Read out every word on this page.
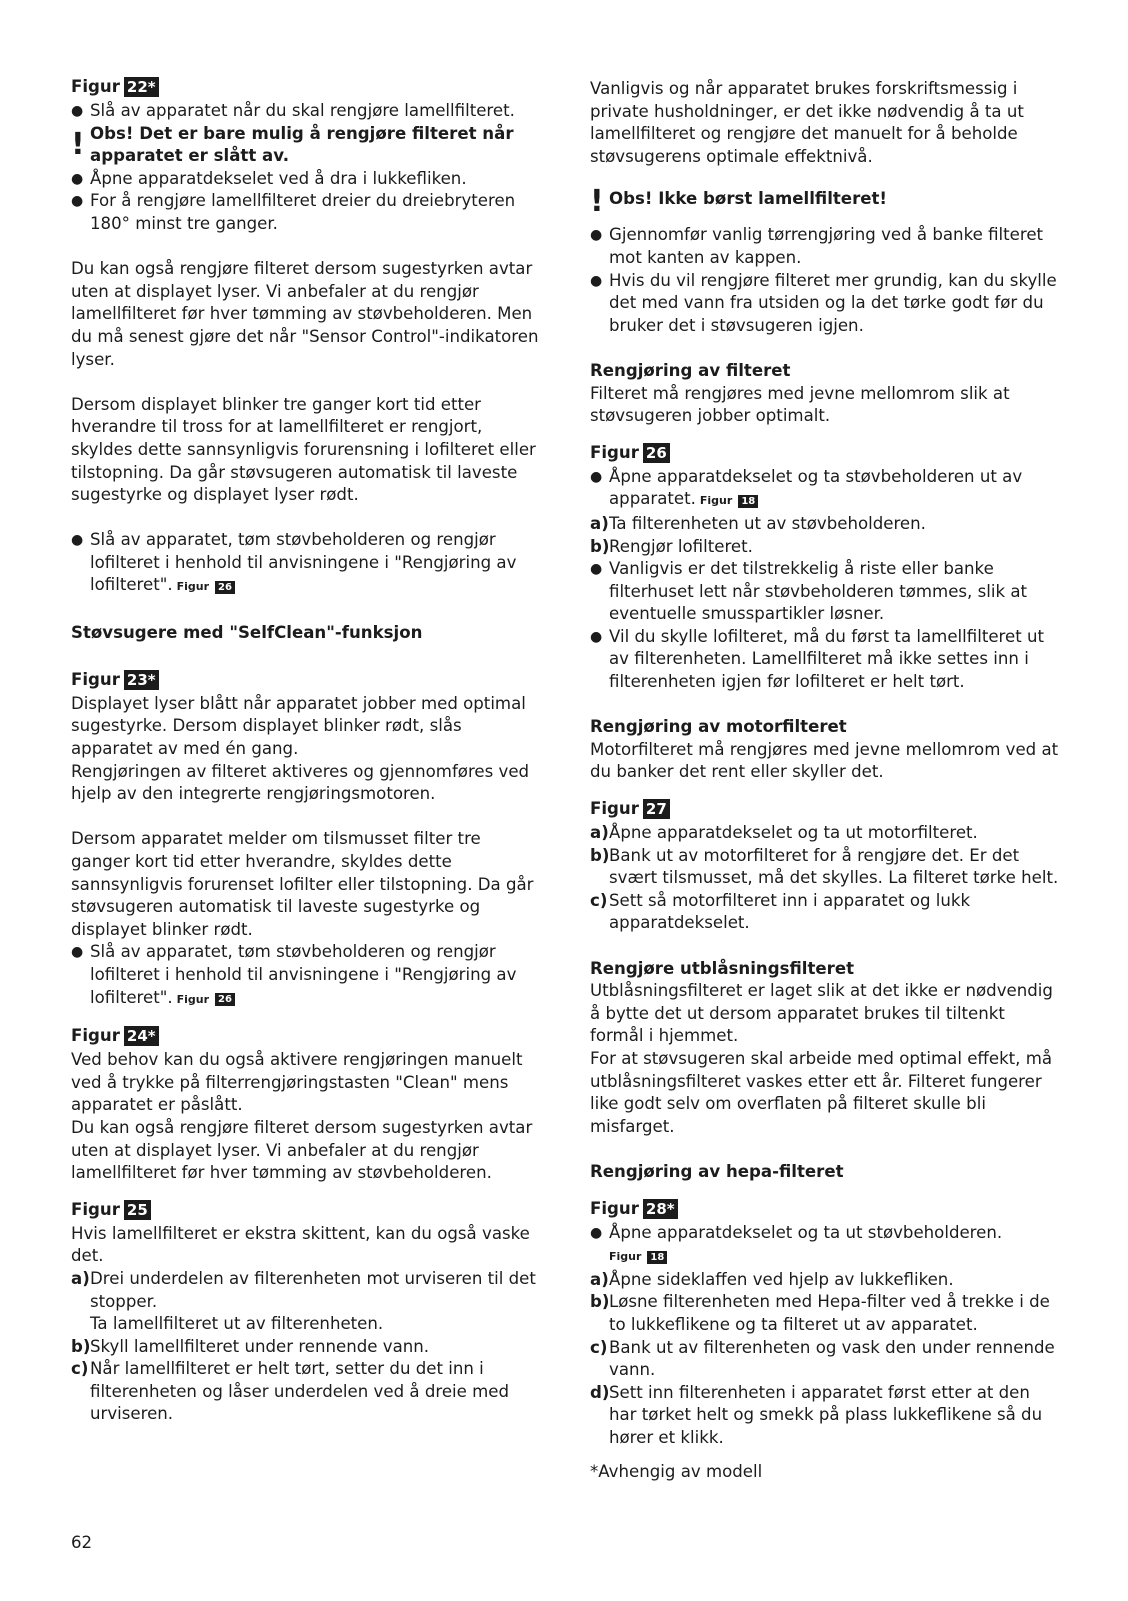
Figur 22*
● Slå av apparatet når du skal rengjøre lamellfilteret.
! Obs! Det er bare mulig å rengjøre filteret når apparatet er slått av.
● Åpne apparatdekselet ved å dra i lukkefliken.
● For å rengjøre lamellfilteret dreier du dreiebryteren 180° minst tre ganger.

Du kan også rengjøre filteret dersom sugestyrken avtar uten at displayet lyser. Vi anbefaler at du rengjør lamellfilteret før hver tømming av støvbeholderen. Men du må senest gjøre det når "Sensor Control"-indikatoren lyser.

Dersom displayet blinker tre ganger kort tid etter hverandre til tross for at lamellfilteret er rengjort, skyldes dette sannsynligvis forurensning i lofilteret eller tilstopning. Da går støvsugeren automatisk til laveste sugestyrke og displayet lyser rødt.

● Slå av apparatet, tøm støvbeholderen og rengjør lofilteret i henhold til anvisningene i "Rengjøring av lofilteret". Figur 26

Støvsugere med "SelfClean"-funksjon

Figur 23*

Displayet lyser blått når apparatet jobber med optimal sugestyrke. Dersom displayet blinker rødt, slås apparatet av med én gang.

Rengjøringen av filteret aktiveres og gjennomføres ved hjelp av den integrerte rengjøringsmotoren.

Dersom apparatet melder om tilsmusset filter tre ganger kort tid etter hverandre, skyldes dette sannsynligvis forurenset lofilter eller tilstopning. Da går støvsugeren automatisk til laveste sugestyrke og displayet blinker rødt.

● Slå av apparatet, tøm støvbeholderen og rengjør lofilteret i henhold til anvisningene i "Rengjøring av lofilteret". Figur 26
Figur 24*

Ved behov kan du også aktivere rengjøringen manuelt ved å trykke på filterrengjøringstasten "Clean" mens apparatet er påslått.

Du kan også rengjøre filteret dersom sugestyrken avtar uten at displayet lyser. Vi anbefaler at du rengjør lamellfilteret før hver tømming av støvbeholderen.

Figur 25

Hvis lamellfilteret er ekstra skittent, kan du også vaske det.

a) Drei underdelen av filterenheten mot urviseren til det stopper.
Ta lamellfilteret ut av filterenheten.
b) Skyll lamellfilteret under rennende vann.
c) Når lamellfilteret er helt tørt, setter du det inn i filterenheten og låser underdelen ved å dreie med urviseren.

Vanligvis og når apparatet brukes forskriftsmessig i private husholdninger, er det ikke nødvendig å ta ut lamellfilteret og rengjøre det manuelt for å beholde støvsugerens optimale effektnivå.

! Obs! Ikke børst lamellfilteret!
● Gjennomfør vanlig tørrengjøring ved å banke filteret mot kanten av kappen.
● Hvis du vil rengjøre filteret mer grundig, kan du skylle det med vann fra utsiden og la det tørke godt før du bruker det i støvsugeren igjen.

Rengjøring av filteret

Filteret må rengjøres med jevne mellomrom slik at støvsugeren jobber optimalt.

Figur 26
● Åpne apparatdekselet og ta støvbeholderen ut av apparatet. Figur 18
a) Ta filterenheten ut av støvbeholderen.
b) Rengjør lofilteret.
● Vanligvis er det tilstrekkelig å riste eller banke filterhuset lett når støvbeholderen tømmes, slik at eventuelle smusspartikler løsner.
● Vil du skylle lofilteret, må du først ta lamellfilteret ut av filterenheten. Lamellfilteret må ikke settes inn i filterenheten igjen før lofilteret er helt tørt.

Rengjøring av motorfilteret

Motorfilteret må rengjøres med jevne mellomrom ved at du banker det rent eller skyller det.

Figur 27
a) Åpne apparatdekselet og ta ut motorfilteret.
b) Bank ut av motorfilteret for å rengjøre det. Er det svært tilsmusset, må det skylles. La filteret tørke helt.
c) Sett så motorfilteret inn i apparatet og lukk apparatdekselet.

Rengjøre utblåsningsfilteret

Utblåsningsfilteret er laget slik at det ikke er nødvendig å bytte det ut dersom apparatet brukes til tiltenkt formål i hjemmet.

For at støvsugeren skal arbeide med optimal effekt, må utblåsningsfilteret vaskes etter ett år. Filteret fungerer like godt selv om overflaten på filteret skulle bli misfarget.

Rengjøring av hepa-filteret

Figur 28*
● Åpne apparatdekselet og ta ut støvbeholderen.
Figur 18
a) Åpne sideklaffen ved hjelp av lukkefliken.
b) Løsne filterenheten med Hepa-filter ved å trekke i de to lukkeflikene og ta filteret ut av apparatet.
c) Bank ut av filterenheten og vask den under rennende vann.
d) Sett inn filterenheten i apparatet først etter at den har tørket helt og smekk på plass lukkeflikene så du hører et klikk.

*Avhengig av modell

62
